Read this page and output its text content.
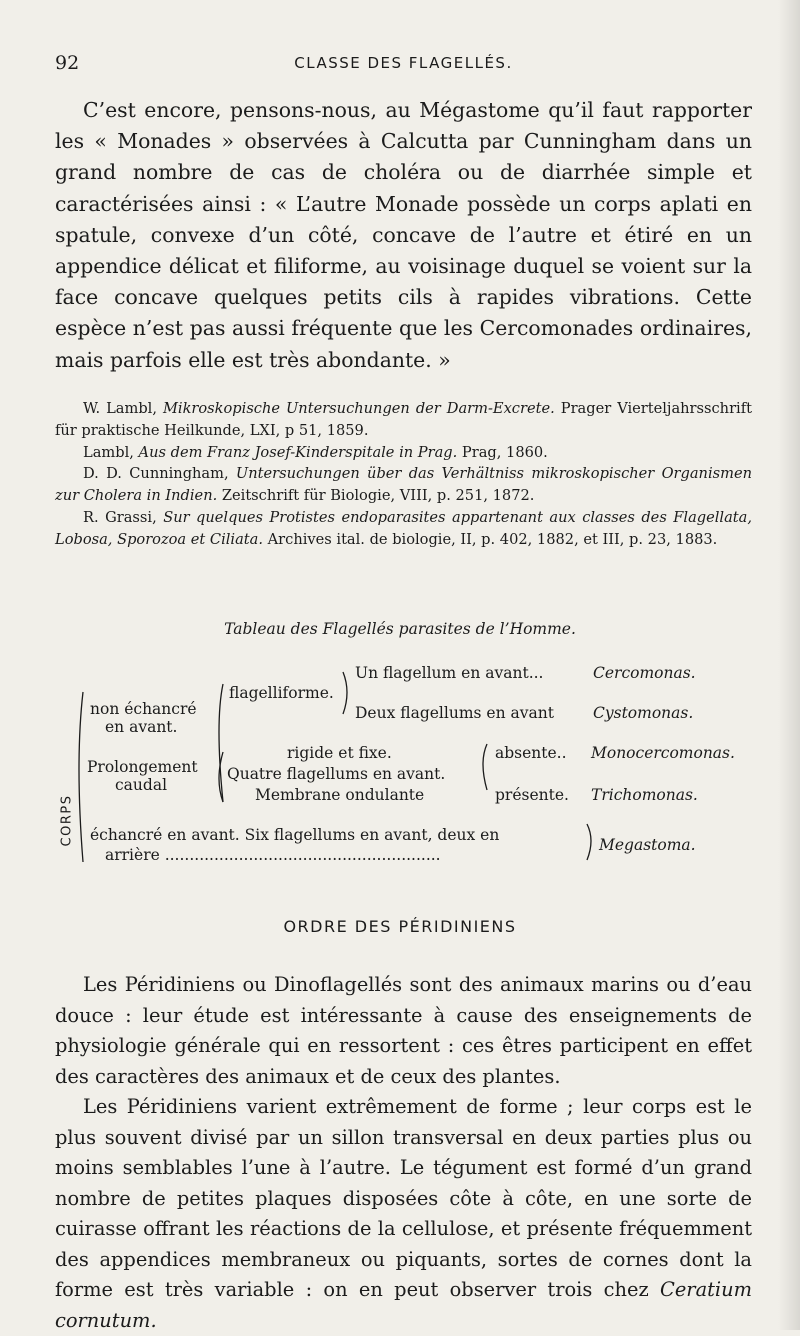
92	CLASSE DES FLAGELLÉS.

C’est encore, pensons-nous, au Mégastome qu’il faut rapporter les « Monades » observées à Calcutta par Cunningham dans un grand nombre de cas de choléra ou de diarrhée simple et caractérisées ainsi : « L’autre Monade possède un corps aplati en spatule, convexe d’un côté, concave de l’autre et étiré en un appendice délicat et filiforme, au voisinage duquel se voient sur la face concave quelques petits cils à rapides vibrations. Cette espèce n’est pas aussi fréquente que les Cercomonades ordinaires, mais parfois elle est très abondante. »

W. Lambl, Mikroskopische Untersuchungen der Darm-Excrete. Prager Vierteljahrsschrift für praktische Heilkunde, LXI, p 51, 1859.

Lambl, Aus dem Franz Josef-Kinderspitale in Prag. Prag, 1860.

D. D. Cunningham, Untersuchungen über das Verhältniss mikroskopischer Organismen zur Cholera in Indien. Zeitschrift für Biologie, VIII, p. 251, 1872.

R. Grassi, Sur quelques Protistes endoparasites appartenant aux classes des Flagellata, Lobosa, Sporozoa et Ciliata. Archives ital. de biologie, II, p. 402, 1882, et III, p. 23, 1883.

Tableau des Flagellés parasites de l’Homme.
CORPS
non échancré
en avant.
flagelliforme.
Un flagellum en avant...	Cercomonas.
Deux flagellums en avant	Cystomonas.
Prolongement
caudal
rigide et fixe.
Quatre flagellums en avant.
Membrane ondulante
absente.. Monocercomonas.
présente. Trichomonas.
échancré en avant. Six flagellums en avant, deux en
arrière ........................................................
Megastoma.
ORDRE DES PÉRIDINIENS

Les Péridiniens ou Dinoflagellés sont des animaux marins ou d’eau douce : leur étude est intéressante à cause des enseignements de physiologie générale qui en ressortent : ces êtres participent en effet des caractères des animaux et de ceux des plantes.

Les Péridiniens varient extrêmement de forme ; leur corps est le plus souvent divisé par un sillon transversal en deux parties plus ou moins semblables l’une à l’autre. Le tégument est formé d’un grand nombre de petites plaques disposées côte à côte, en une sorte de cuirasse offrant les réactions de la cellulose, et présente fréquemment des appendices membraneux ou piquants, sortes de cornes dont la forme est très variable : on en peut observer trois chez Ceratium cornutum.
